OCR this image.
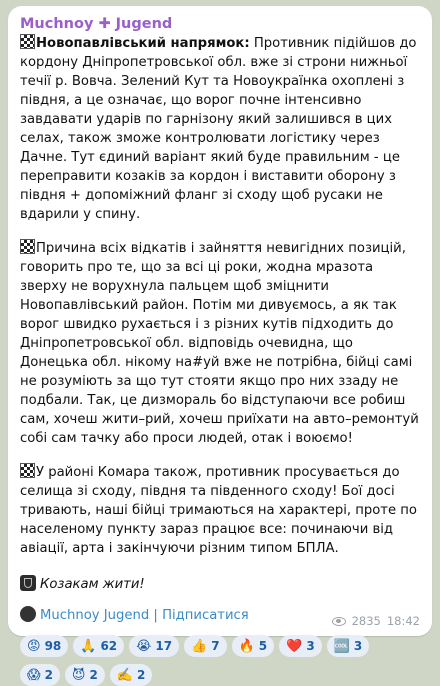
Muchnoy ✚ Jugend

Новопавлівський напрямок: Противник підійшов до кордону Дніпропетровської обл. вже зі строни нижньої течії р. Вовча. Зелений Кут та Новоукраїнка охоплені з півдня, а це означає, що ворог почне інтенсивно завдавати ударів по гарнізону який залишився в цих селах, також зможе контролювати логістику через Дачне. Тут єдиний варіант який буде правильним - це переправити козаків за кордон і виставити оборону з півдня + допоміжний фланг зі сходу щоб русаки не вдарили у спину.

Причина всіх відкатів і зайняття невигідних позицій, говорить про те, що за всі ці роки, жодна мразота зверху не ворухнула пальцем щоб зміцнити Новопавлівський район. Потім ми дивуємось, а як так ворог швидко рухається і з різних кутів підходить до Дніпропетровської обл. відповідь очевидна, що Донецька обл. нікому на#уй вже не потрібна, бійці самі не розуміють за що тут стояти якщо про них ззаду не подбали. Так, це дизмораль бо відступаючи все робиш сам, хочеш жити–рий, хочеш приїхати на авто–ремонтуй собі сам тачку або проси людей, отак і воюємо!

У районі Комара також, противник просувається до селища зі сходу, півдня та південного сходу! Бої досі тривають, наші бійці тримаються на характері, проте по населеному пункту зараз працює все: починаючи від авіації, арта і закінчуючи різним типом БПЛА.

Козакам жити!
Muchnoy Jugend | Підписатися
😡 98 🙏 62 😭 17 👍 7 🔥 5 ❤️ 3 🆒 3
😱 2 😈 2 ✍️ 2
2835 18:42
